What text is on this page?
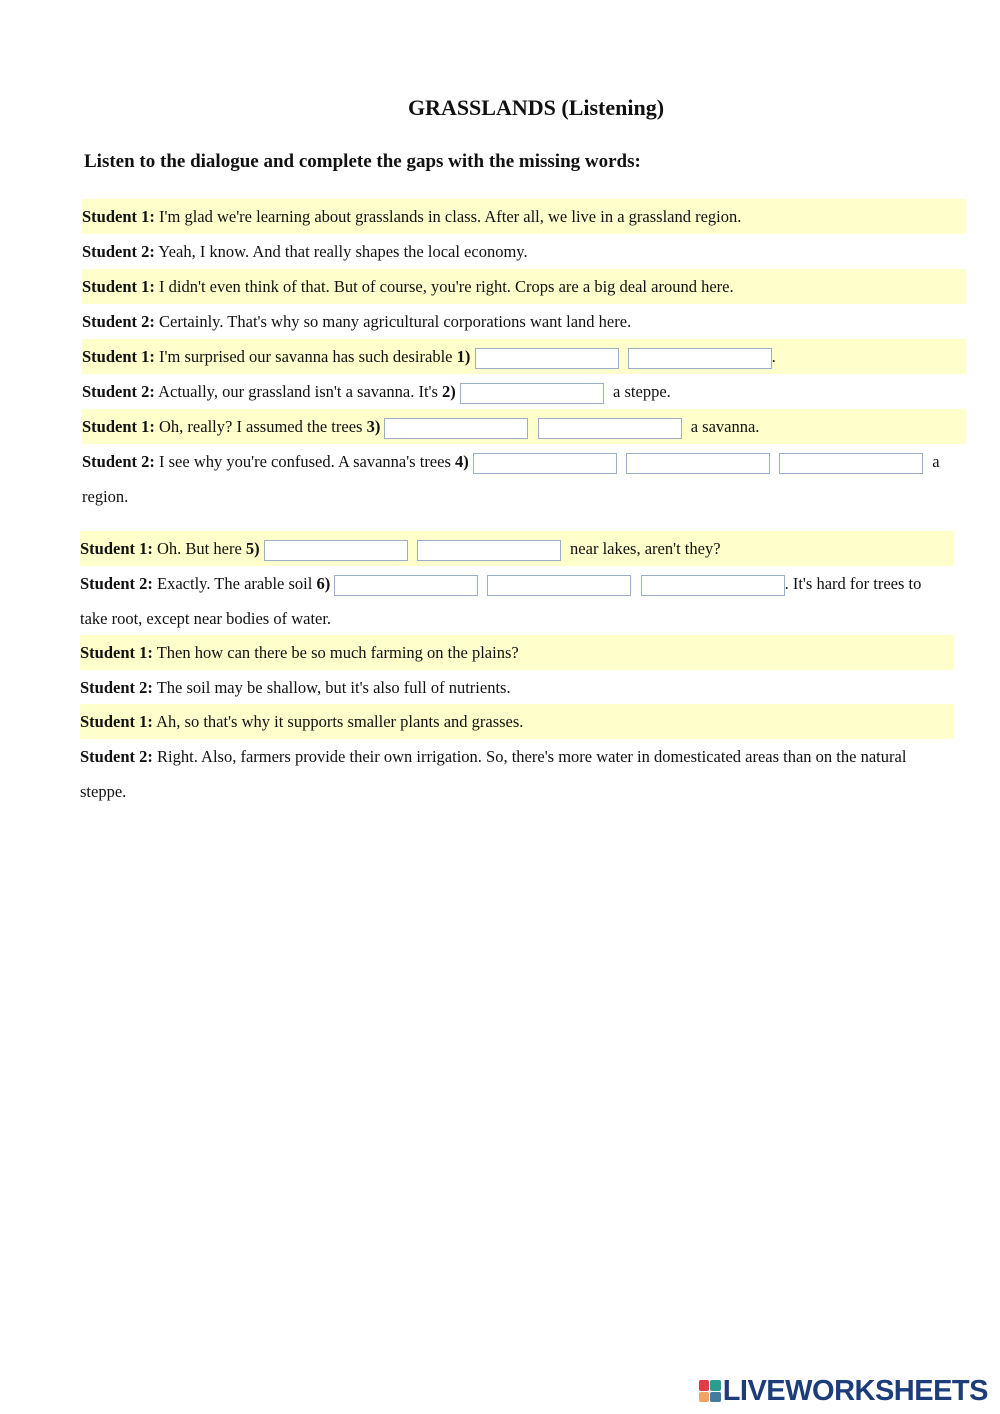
GRASSLANDS (Listening)
Listen to the dialogue and complete the gaps with the missing words:
Student 1: I'm glad we're learning about grasslands in class. After all, we live in a grassland region.
Student 2: Yeah, I know. And that really shapes the local economy.
Student 1: I didn't even think of that. But of course, you're right. Crops are a big deal around here.
Student 2: Certainly. That's why so many agricultural corporations want land here.
Student 1: I'm surprised our savanna has such desirable 1)	.
Student 2: Actually, our grassland isn't a savanna. It's 2)	a steppe.
Student 1: Oh, really? I assumed the trees 3)	a savanna.
Student 2: I see why you're confused. A savanna's trees 4)	a
region.
Student 1: Oh. But here 5)	near lakes, aren't they?
Student 2: Exactly. The arable soil 6)	. It's hard for trees to
take root, except near bodies of water.
Student 1: Then how can there be so much farming on the plains?
Student 2: The soil may be shallow, but it's also full of nutrients.
Student 1: Ah, so that's why it supports smaller plants and grasses.
Student 2: Right. Also, farmers provide their own irrigation. So, there's more water in domesticated areas than on the natural
steppe.
LIVEWORKSHEETS
